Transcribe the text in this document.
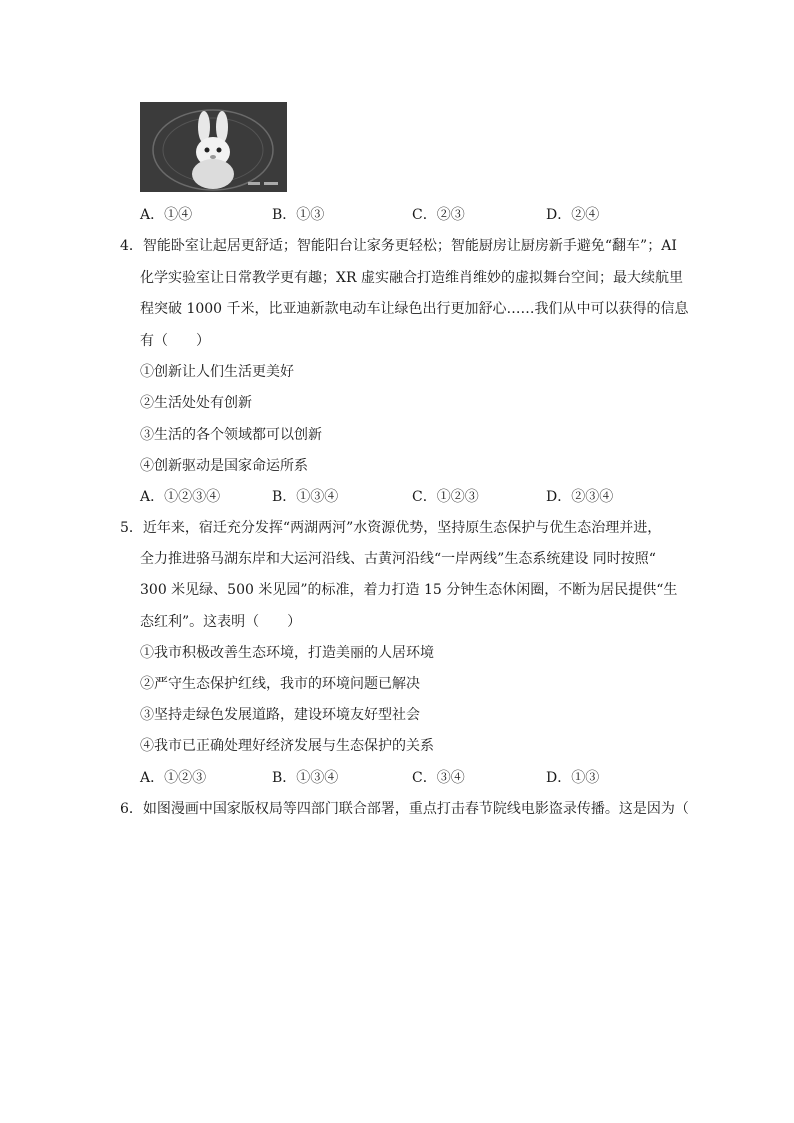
A．①④	B．①③	C．②③	D．②④
4．智能卧室让起居更舒适；智能阳台让家务更轻松；智能厨房让厨房新手避免“翻车”；AI
化学实验室让日常教学更有趣；XR 虚实融合打造维肖维妙的虚拟舞台空间；最大续航里
程突破 1000 千米，比亚迪新款电动车让绿色出行更加舒心……我们从中可以获得的信息
有（　　）
①创新让人们生活更美好
②生活处处有创新
③生活的各个领域都可以创新
④创新驱动是国家命运所系
A．①②③④	B．①③④	C．①②③	D．②③④
5．近年来，宿迁充分发挥“两湖两河”水资源优势，坚持原生态保护与优生态治理并进，
全力推进骆马湖东岸和大运河沿线、古黄河沿线“一岸两线”生态系统建设 同时按照“
300 米见绿、500 米见园”的标准，着力打造 15 分钟生态休闲圈，不断为居民提供“生
态红利”。这表明（　　）
①我市积极改善生态环境，打造美丽的人居环境
②严守生态保护红线，我市的环境问题已解决
③坚持走绿色发展道路，建设环境友好型社会
④我市已正确处理好经济发展与生态保护的关系
A．①②③	B．①③④	C．③④	D．①③
6．如图漫画中国家版权局等四部门联合部署，重点打击春节院线电影盗录传播。这是因为（
